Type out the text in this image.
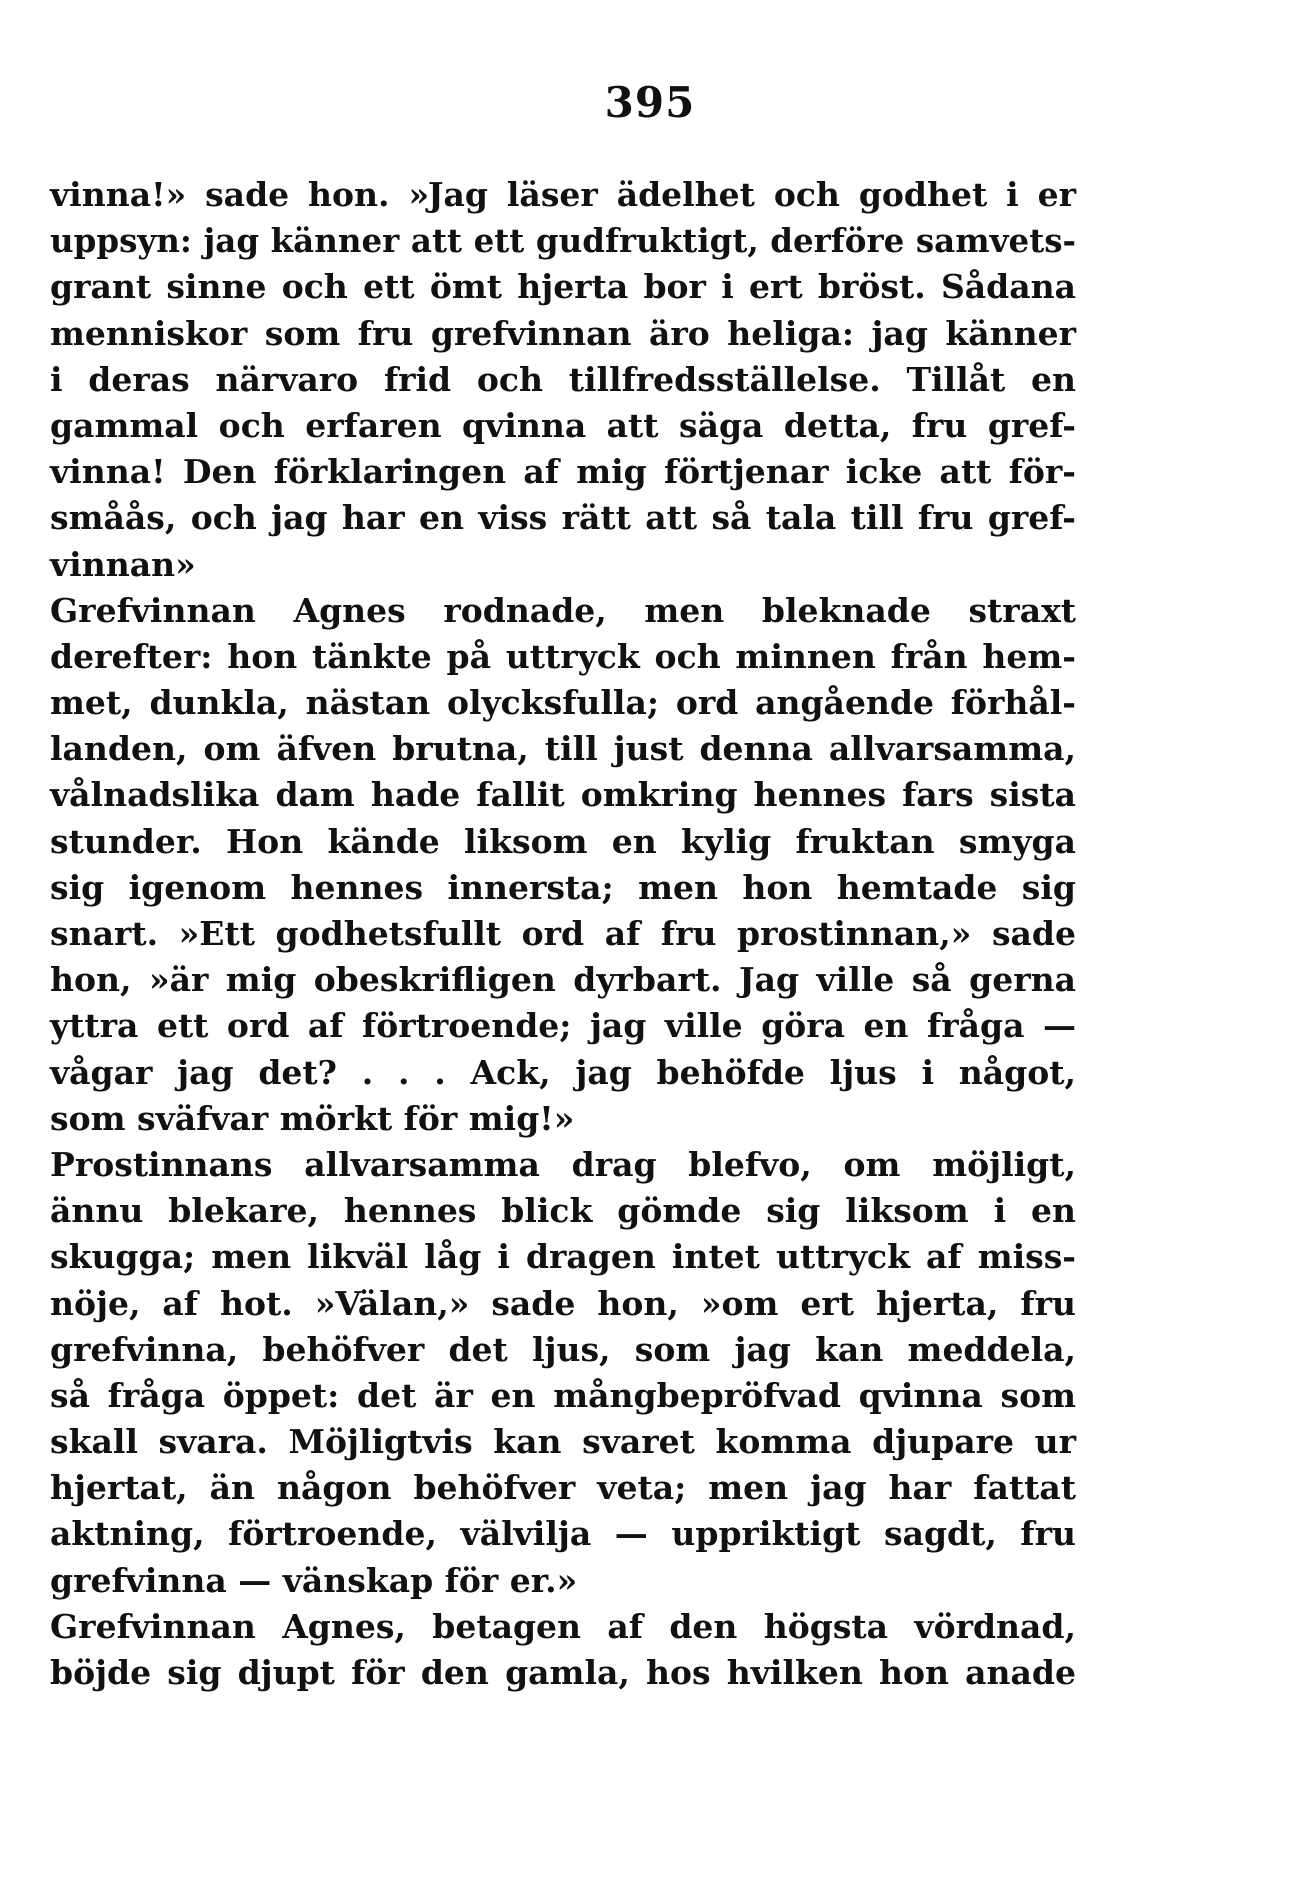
395
vinna!» sade hon. »Jag läser ädelhet och godhet i er
uppsyn: jag känner att ett gudfruktigt, derföre samvets-
grant sinne och ett ömt hjerta bor i ert bröst. Sådana
menniskor som fru grefvinnan äro heliga: jag känner
i deras närvaro frid och tillfredsställelse. Tillåt en
gammal och erfaren qvinna att säga detta, fru gref-
vinna! Den förklaringen af mig förtjenar icke att för-
småås, och jag har en viss rätt att så tala till fru gref-
vinnan»
Grefvinnan Agnes rodnade, men bleknade straxt
derefter: hon tänkte på uttryck och minnen från hem-
met, dunkla, nästan olycksfulla; ord angående förhål-
landen, om äfven brutna, till just denna allvarsamma,
vålnadslika dam hade fallit omkring hennes fars sista
stunder. Hon kände liksom en kylig fruktan smyga
sig igenom hennes innersta; men hon hemtade sig
snart. »Ett godhetsfullt ord af fru prostinnan,» sade
hon, »är mig obeskrifligen dyrbart. Jag ville så gerna
yttra ett ord af förtroende; jag ville göra en fråga —
vågar jag det? . . . Ack, jag behöfde ljus i något,
som sväfvar mörkt för mig!»
Prostinnans allvarsamma drag blefvo, om möjligt,
ännu blekare, hennes blick gömde sig liksom i en
skugga; men likväl låg i dragen intet uttryck af miss-
nöje, af hot. »Välan,» sade hon, »om ert hjerta, fru
grefvinna, behöfver det ljus, som jag kan meddela,
så fråga öppet: det är en mångbepröfvad qvinna som
skall svara. Möjligtvis kan svaret komma djupare ur
hjertat, än någon behöfver veta; men jag har fattat
aktning, förtroende, välvilja — uppriktigt sagdt, fru
grefvinna — vänskap för er.»
Grefvinnan Agnes, betagen af den högsta vördnad,
böjde sig djupt för den gamla, hos hvilken hon anade
